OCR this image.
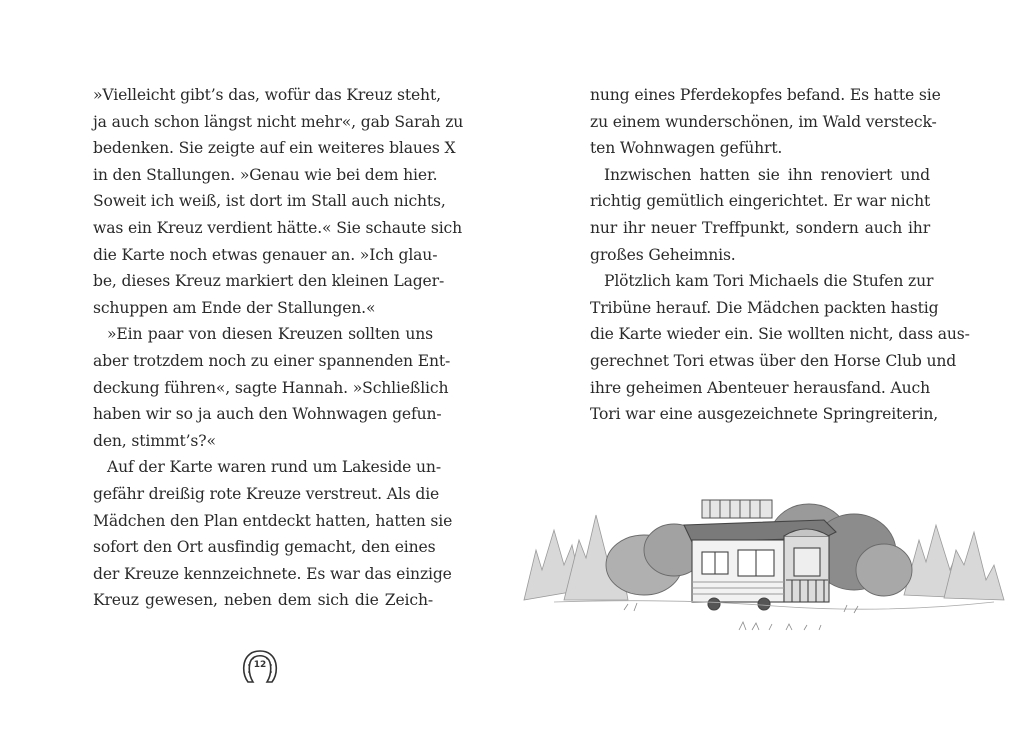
»Vielleicht gibt’s das, wofür das Kreuz steht,
ja auch schon längst nicht mehr«, gab Sarah zu
bedenken. Sie zeigte auf ein weiteres blaues X
in den Stallungen. »Genau wie bei dem hier.
Soweit ich weiß, ist dort im Stall auch nichts,
was ein Kreuz verdient hätte.« Sie schaute sich
die Karte noch etwas genauer an. »Ich glau-
be, dieses Kreuz markiert den kleinen Lager-
schuppen am Ende der Stallungen.«
»Ein paar von diesen Kreuzen sollten uns
aber trotzdem noch zu einer spannenden Ent-
deckung führen«, sagte Hannah. »Schließlich
haben wir so ja auch den Wohnwagen gefun-
den, stimmt’s?«
Auf der Karte waren rund um Lakeside un-
gefähr dreißig rote Kreuze verstreut. Als die
Mädchen den Plan entdeckt hatten, hatten sie
sofort den Ort ausfindig gemacht, den eines
der Kreuze kennzeichnete. Es war das einzige
Kreuz gewesen, neben dem sich die Zeich-
12
nung eines Pferdekopfes befand. Es hatte sie
zu einem wunderschönen, im Wald versteck-
ten Wohnwagen geführt.
Inzwischen hatten sie ihn renoviert und
richtig gemütlich eingerichtet. Er war nicht
nur ihr neuer Treffpunkt, sondern auch ihr
großes Geheimnis.
Plötzlich kam Tori Michaels die Stufen zur
Tribüne herauf. Die Mädchen packten hastig
die Karte wieder ein. Sie wollten nicht, dass aus-
gerechnet Tori etwas über den Horse Club und
ihre geheimen Abenteuer herausfand. Auch
Tori war eine ausgezeichnete Springreiterin,
